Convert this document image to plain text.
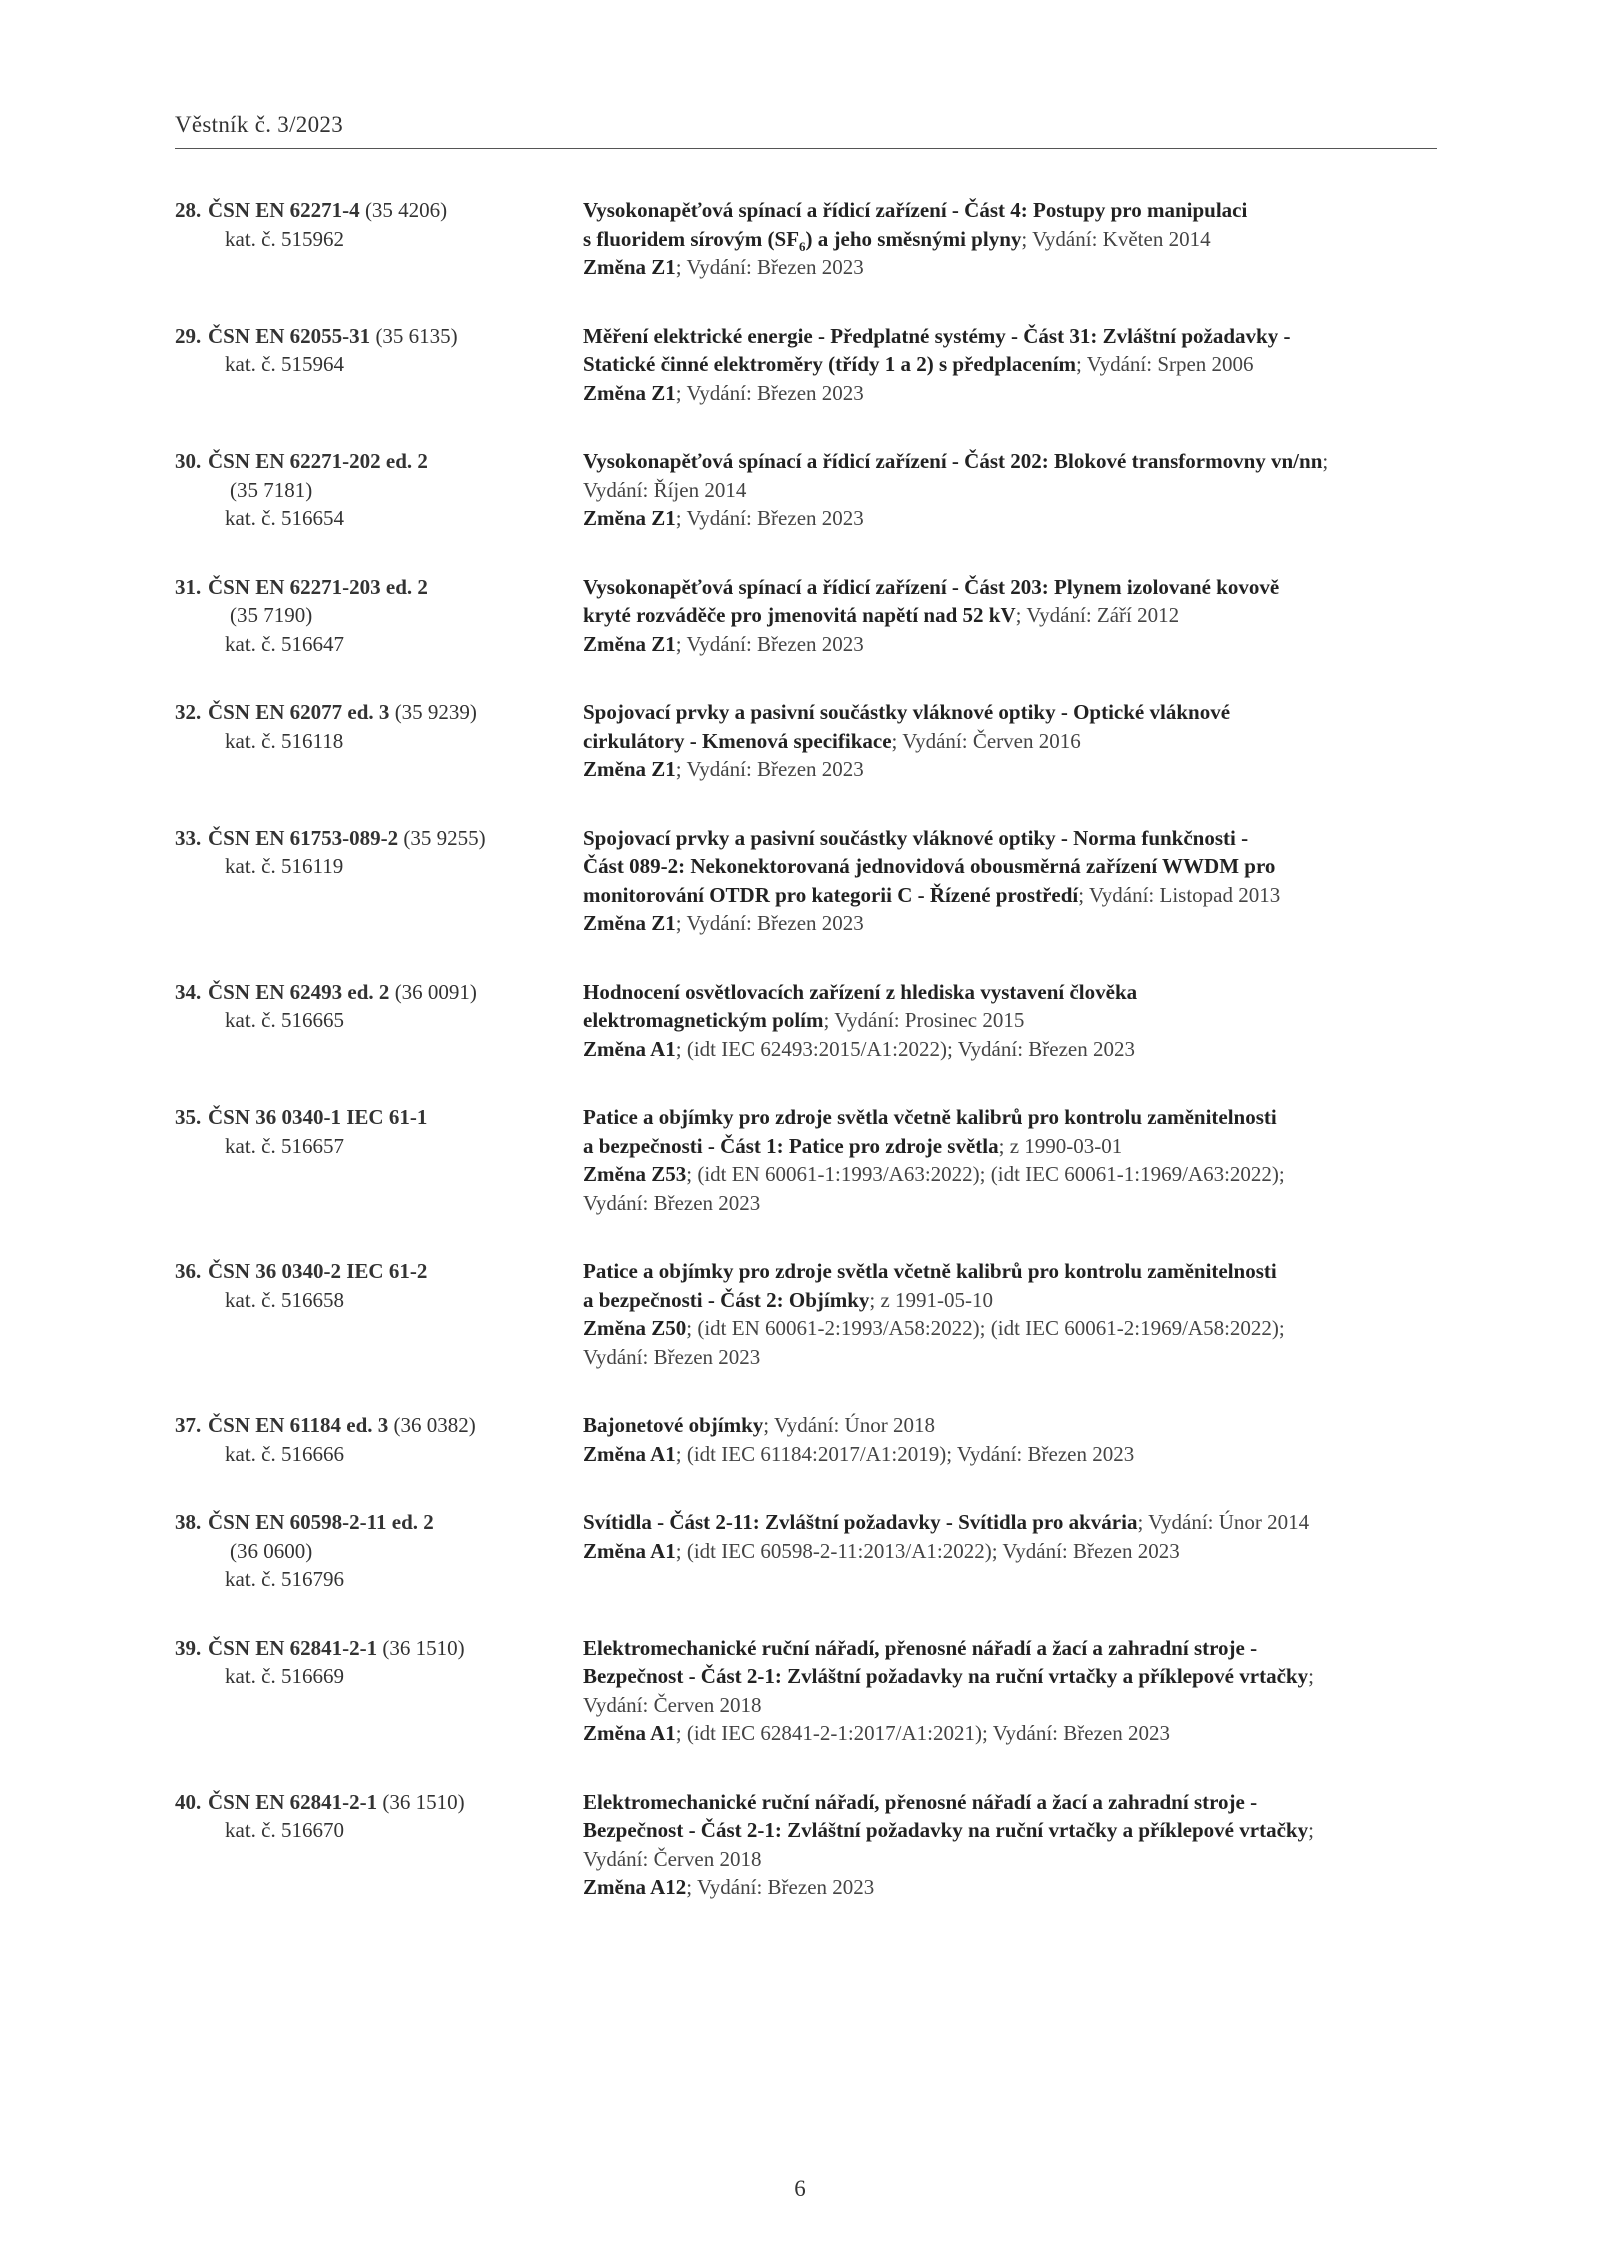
Věstník č. 3/2023
28. ČSN EN 62271-4 (35 4206)
kat. č. 515962
Vysokonapěťová spínací a řídicí zařízení - Část 4: Postupy pro manipulaci
s fluoridem sírovým $(SF_6)$ a jeho směsnými plyny; Vydání: Květen 2014
Změna Z1; Vydání: Březen 2023
29. ČSN EN 62055-31 (35 6135)
kat. č. 515964
Měření elektrické energie - Předplatné systémy - Část 31: Zvláštní požadavky -
Statické činné elektroměry (třídy 1 a 2) s předplacením; Vydání: Srpen 2006
Změna Z1; Vydání: Březen 2023
30. ČSN EN 62271-202 ed. 2
(35 7181)
kat. č. 516654
Vysokonapěťová spínací a řídicí zařízení - Část 202: Blokové transformovny vn/nn;
Vydání: Říjen 2014
Změna Z1; Vydání: Březen 2023
31. ČSN EN 62271-203 ed. 2
(35 7190)
kat. č. 516647
Vysokonapěťová spínací a řídicí zařízení - Část 203: Plynem izolované kovově
kryté rozváděče pro jmenovitá napětí nad 52 kV; Vydání: Září 2012
Změna Z1; Vydání: Březen 2023
32. ČSN EN 62077 ed. 3 (35 9239)
kat. č. 516118
Spojovací prvky a pasivní součástky vláknové optiky - Optické vláknové
cirkulátory - Kmenová specifikace; Vydání: Červen 2016
Změna Z1; Vydání: Březen 2023
33. ČSN EN 61753-089-2 (35 9255)
kat. č. 516119
Spojovací prvky a pasivní součástky vláknové optiky - Norma funkčnosti -
Část 089-2: Nekonektorovaná jednovidová obousměrná zařízení WWDM pro
monitorování OTDR pro kategorii C - Řízené prostředí; Vydání: Listopad 2013
Změna Z1; Vydání: Březen 2023
34. ČSN EN 62493 ed. 2 (36 0091)
kat. č. 516665
Hodnocení osvětlovacích zařízení z hlediska vystavení člověka
elektromagnetickým polím; Vydání: Prosinec 2015
Změna A1; (idt IEC 62493:2015/A1:2022); Vydání: Březen 2023
35. ČSN 36 0340-1 IEC 61-1
kat. č. 516657
Patice a objímky pro zdroje světla včetně kalibrů pro kontrolu zaměnitelnosti
a bezpečnosti - Část 1: Patice pro zdroje světla; z 1990-03-01
Změna Z53; (idt EN 60061-1:1993/A63:2022); (idt IEC 60061-1:1969/A63:2022);
Vydání: Březen 2023
36. ČSN 36 0340-2 IEC 61-2
kat. č. 516658
Patice a objímky pro zdroje světla včetně kalibrů pro kontrolu zaměnitelnosti
a bezpečnosti - Část 2: Objímky; z 1991-05-10
Změna Z50; (idt EN 60061-2:1993/A58:2022); (idt IEC 60061-2:1969/A58:2022);
Vydání: Březen 2023
37. ČSN EN 61184 ed. 3 (36 0382)
kat. č. 516666
Bajonetové objímky; Vydání: Únor 2018
Změna A1; (idt IEC 61184:2017/A1:2019); Vydání: Březen 2023
38. ČSN EN 60598-2-11 ed. 2
(36 0600)
kat. č. 516796
Svítidla - Část 2-11: Zvláštní požadavky - Svítidla pro akvária; Vydání: Únor 2014
Změna A1; (idt IEC 60598-2-11:2013/A1:2022); Vydání: Březen 2023
39. ČSN EN 62841-2-1 (36 1510)
kat. č. 516669
Elektromechanické ruční nářadí, přenosné nářadí a žací a zahradní stroje -
Bezpečnost - Část 2-1: Zvláštní požadavky na ruční vrtačky a příklepové vrtačky;
Vydání: Červen 2018
Změna A1; (idt IEC 62841-2-1:2017/A1:2021); Vydání: Březen 2023
40. ČSN EN 62841-2-1 (36 1510)
kat. č. 516670
Elektromechanické ruční nářadí, přenosné nářadí a žací a zahradní stroje -
Bezpečnost - Část 2-1: Zvláštní požadavky na ruční vrtačky a příklepové vrtačky;
Vydání: Červen 2018
Změna A12; Vydání: Březen 2023
6
